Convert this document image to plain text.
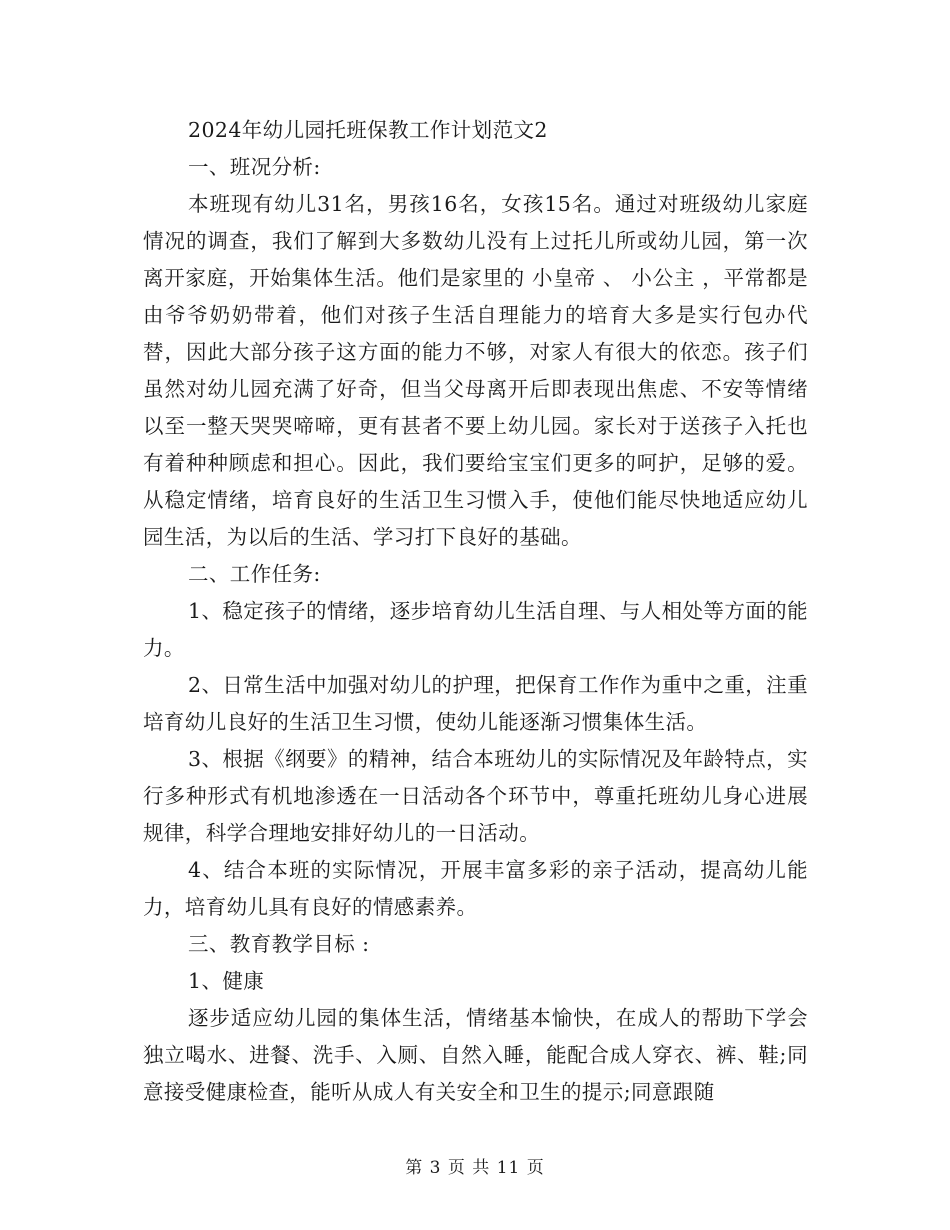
2024年幼儿园托班保教工作计划范文2

一、班况分析:

本班现有幼儿31名，男孩16名，女孩15名。通过对班级幼儿家庭情况的调查，我们了解到大多数幼儿没有上过托儿所或幼儿园，第一次离开家庭，开始集体生活。他们是家里的 小皇帝 、 小公主 ，平常都是由爷爷奶奶带着，他们对孩子生活自理能力的培育大多是实行包办代替，因此大部分孩子这方面的能力不够，对家人有很大的依恋。孩子们虽然对幼儿园充满了好奇，但当父母离开后即表现出焦虑、不安等情绪以至一整天哭哭啼啼，更有甚者不要上幼儿园。家长对于送孩子入托也有着种种顾虑和担心。因此，我们要给宝宝们更多的呵护，足够的爱。从稳定情绪，培育良好的生活卫生习惯入手，使他们能尽快地适应幼儿园生活，为以后的生活、学习打下良好的基础。

二、工作任务:

1、稳定孩子的情绪，逐步培育幼儿生活自理、与人相处等方面的能力。

2、日常生活中加强对幼儿的护理，把保育工作作为重中之重，注重培育幼儿良好的生活卫生习惯，使幼儿能逐渐习惯集体生活。

3、根据《纲要》的精神，结合本班幼儿的实际情况及年龄特点，实行多种形式有机地渗透在一日活动各个环节中，尊重托班幼儿身心进展规律，科学合理地安排好幼儿的一日活动。

4、结合本班的实际情况，开展丰富多彩的亲子活动，提高幼儿能力，培育幼儿具有良好的情感素养。

三、教育教学目标 :

1、健康

逐步适应幼儿园的集体生活，情绪基本愉快，在成人的帮助下学会独立喝水、进餐、洗手、入厕、自然入睡，能配合成人穿衣、裤、鞋;同意接受健康检查，能听从成人有关安全和卫生的提示;同意跟随

第 3 页 共 11 页
